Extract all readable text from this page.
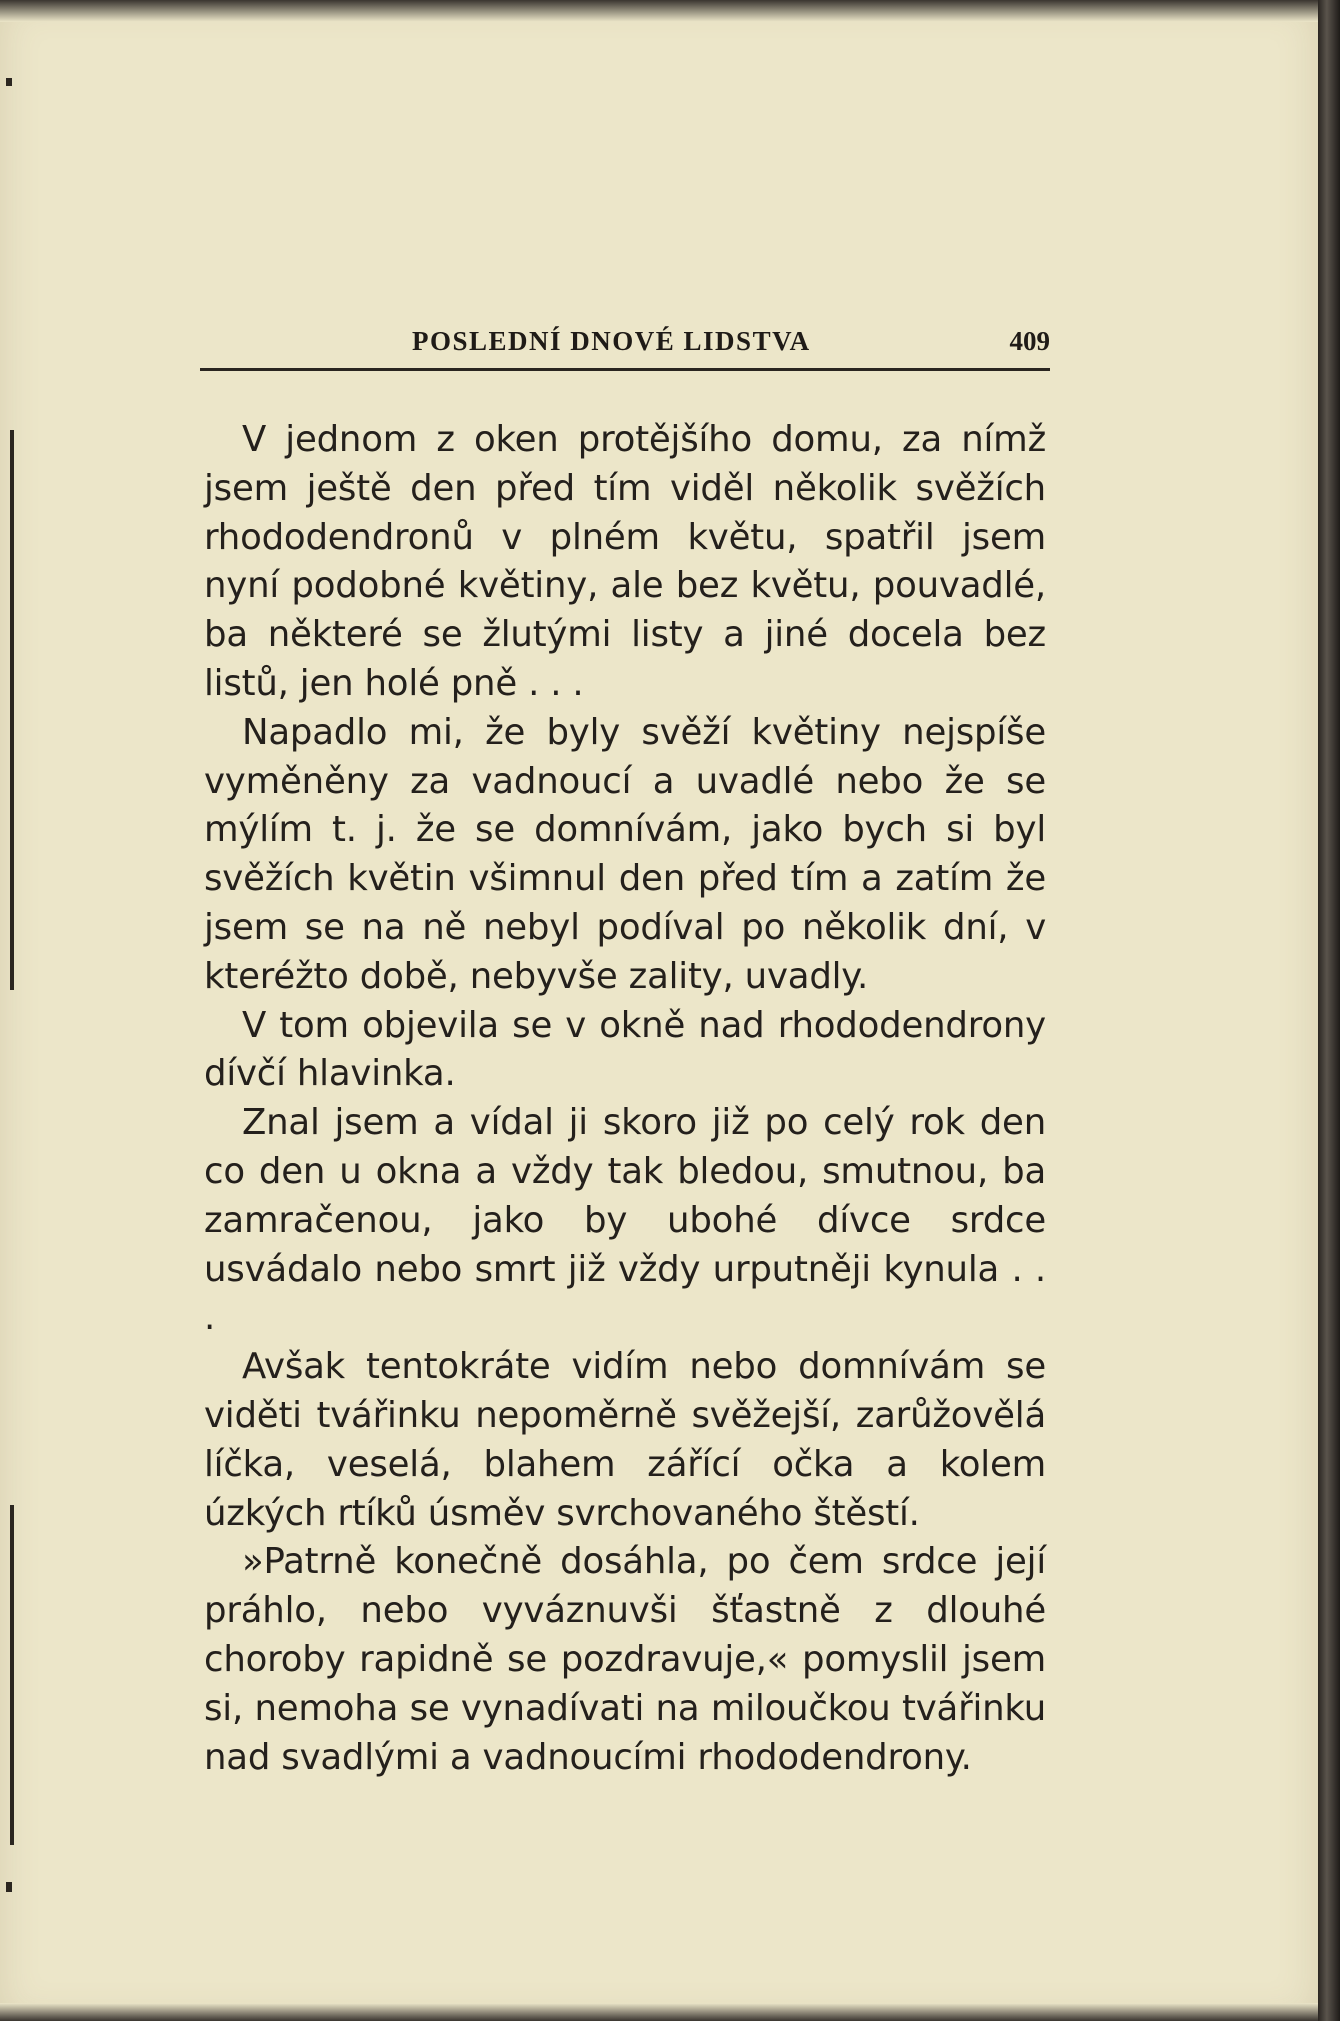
POSLEDNÍ DNOVÉ LIDSTVA	409

V jednom z oken protějšího domu, za nímž jsem ještě den před tím viděl několik svěžích rhododendronů v plném květu, spatřil jsem nyní podobné květiny, ale bez květu, pouvadlé, ba některé se žlutými listy a jiné docela bez listů, jen holé pně . . .

Napadlo mi, že byly svěží květiny nejspíše vyměněny za vadnoucí a uvadlé nebo že se mýlím t. j. že se domnívám, jako bych si byl svěžích květin všimnul den před tím a zatím že jsem se na ně nebyl podíval po několik dní, v kteréžto době, nebyvše zality, uvadly.

V tom objevila se v okně nad rhododendrony dívčí hlavinka.

Znal jsem a vídal ji skoro již po celý rok den co den u okna a vždy tak bledou, smutnou, ba zamračenou, jako by ubohé dívce srdce usvádalo nebo smrt již vždy urputněji kynula . . .

Avšak tentokráte vidím nebo domnívám se viděti tvářinku nepoměrně svěžejší, zarůžovělá líčka, veselá, blahem zářící očka a kolem úzkých rtíků úsměv svrchovaného štěstí.

»Patrně konečně dosáhla, po čem srdce její práhlo, nebo vyváznuvši šťastně z dlouhé choroby rapidně se pozdravuje,« pomyslil jsem si, nemoha se vynadívati na miloučkou tvářinku nad svadlými a vadnoucími rhododendrony.
